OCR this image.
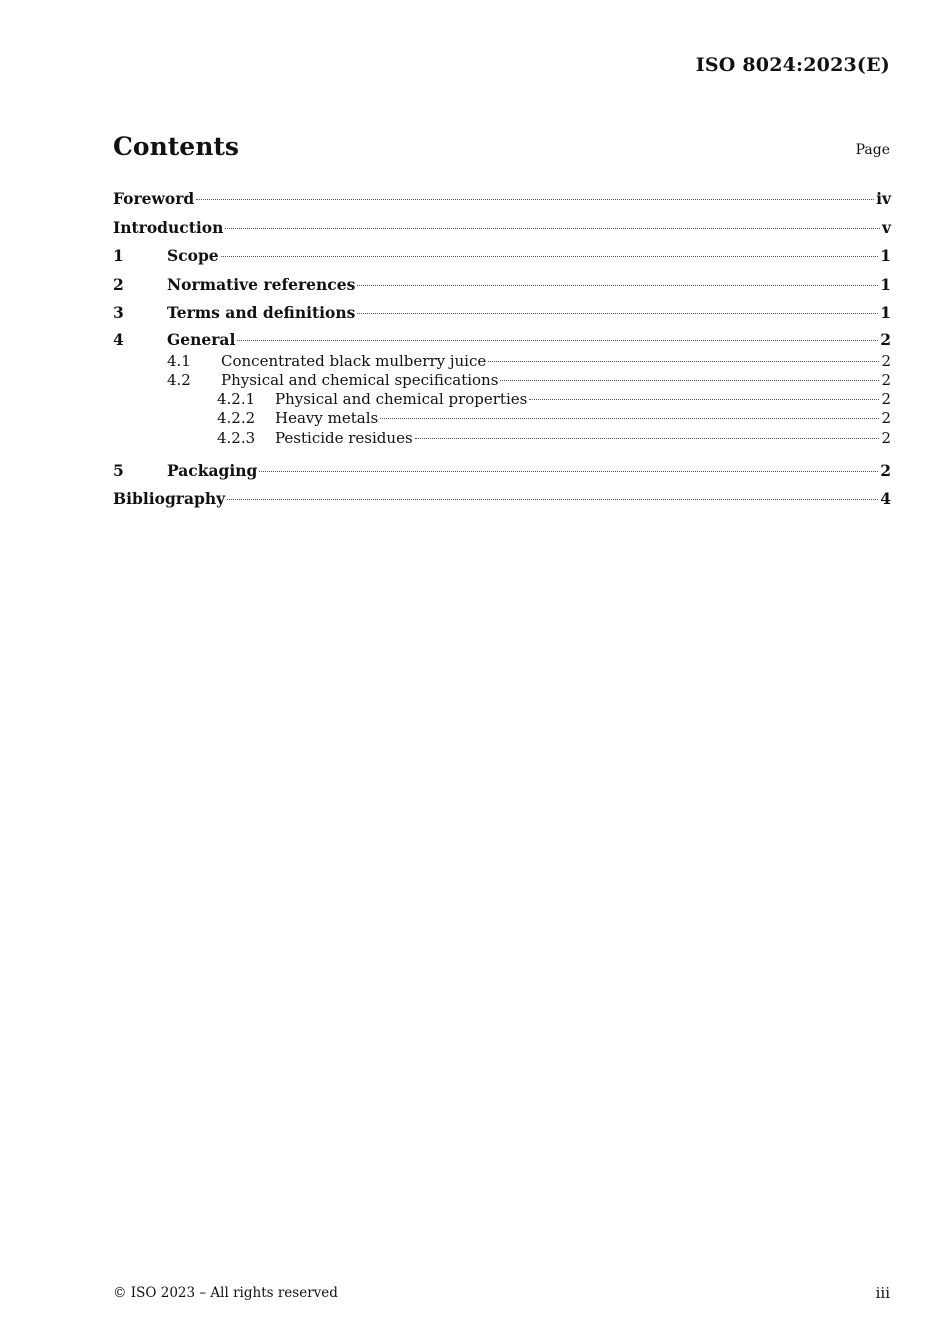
ISO 8024:2023(E)
Contents	Page
Foreword	iv
Introduction	v
1	Scope	1
2	Normative references	1
3	Terms and definitions	1
4	General	2
4.1	Concentrated black mulberry juice	2
4.2	Physical and chemical specifications	2
4.2.1	Physical and chemical properties	2
4.2.2	Heavy metals	2
4.2.3	Pesticide residues	2
5	Packaging	2
Bibliography	4
© ISO 2023 – All rights reserved	iii
